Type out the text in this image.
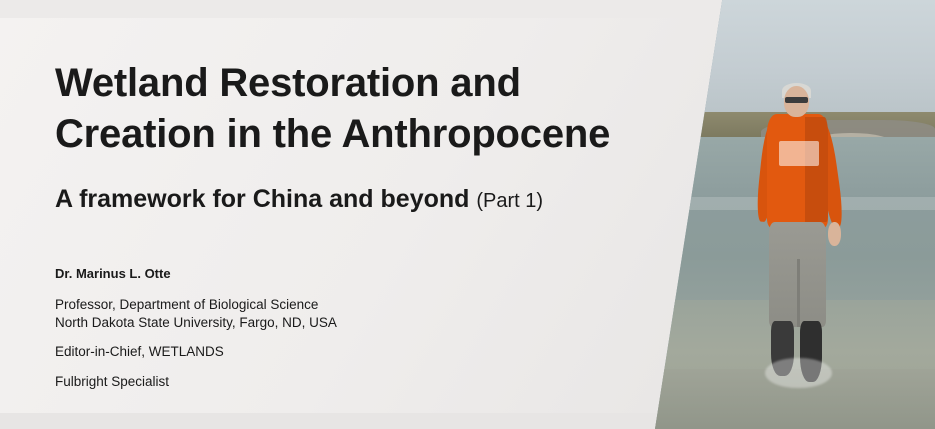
Wetland Restoration and
Creation in the Anthropocene
A framework for China and beyond (Part 1)
Dr. Marinus L. Otte
Professor, Department of Biological Science
North Dakota State University, Fargo, ND, USA
Editor-in-Chief, WETLANDS
Fulbright Specialist
